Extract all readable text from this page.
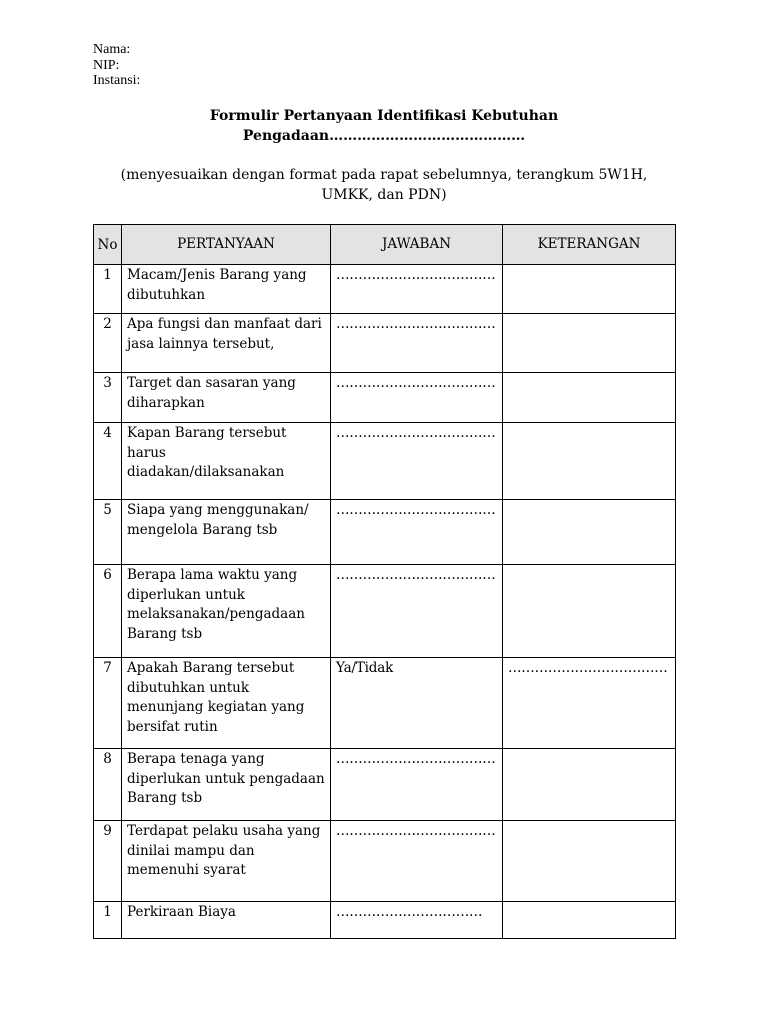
Nama:
NIP:
Instansi:
Formulir Pertanyaan Identifikasi Kebutuhan
Pengadaan……………………………………
(menyesuaikan dengan format pada rapat sebelumnya, terangkum 5W1H,
UMKK, dan PDN)
No	PERTANYAAN	JAWABAN	KETERANGAN
1	Macam/Jenis Barang yang dibutuhkan	………………………………	
2	Apa fungsi dan manfaat dari jasa lainnya tersebut,	………………………………	
3	Target dan sasaran yang diharapkan	………………………………	
4	Kapan Barang tersebut harus diadakan/dilaksanakan	………………………………	
5	Siapa yang menggunakan/ mengelola Barang tsb	………………………………	
6	Berapa lama waktu yang diperlukan untuk melaksanakan/pengadaan Barang tsb	………………………………	
7	Apakah Barang tersebut dibutuhkan untuk menunjang kegiatan yang bersifat rutin	Ya/Tidak	………………………………
8	Berapa tenaga yang diperlukan untuk pengadaan Barang tsb	………………………………	
9	Terdapat pelaku usaha yang dinilai mampu dan memenuhi syarat	………………………………	
1	Perkiraan Biaya	……………………………	
